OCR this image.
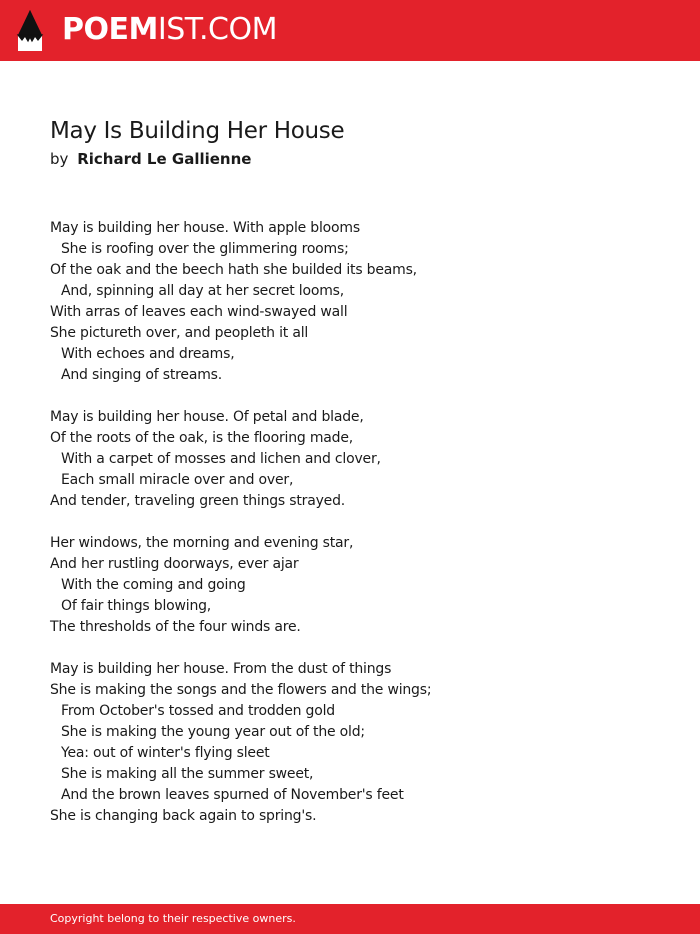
POEMIST.COM
May Is Building Her House
by Richard Le Gallienne
May is building her house. With apple blooms
She is roofing over the glimmering rooms;
Of the oak and the beech hath she builded its beams,
And, spinning all day at her secret looms,
With arras of leaves each wind-swayed wall
She pictureth over, and peopleth it all
With echoes and dreams,
And singing of streams.
May is building her house. Of petal and blade,
Of the roots of the oak, is the flooring made,
With a carpet of mosses and lichen and clover,
Each small miracle over and over,
And tender, traveling green things strayed.
Her windows, the morning and evening star,
And her rustling doorways, ever ajar
With the coming and going
Of fair things blowing,
The thresholds of the four winds are.
May is building her house. From the dust of things
She is making the songs and the flowers and the wings;
From October's tossed and trodden gold
She is making the young year out of the old;
Yea: out of winter's flying sleet
She is making all the summer sweet,
And the brown leaves spurned of November's feet
She is changing back again to spring's.
Copyright belong to their respective owners.
